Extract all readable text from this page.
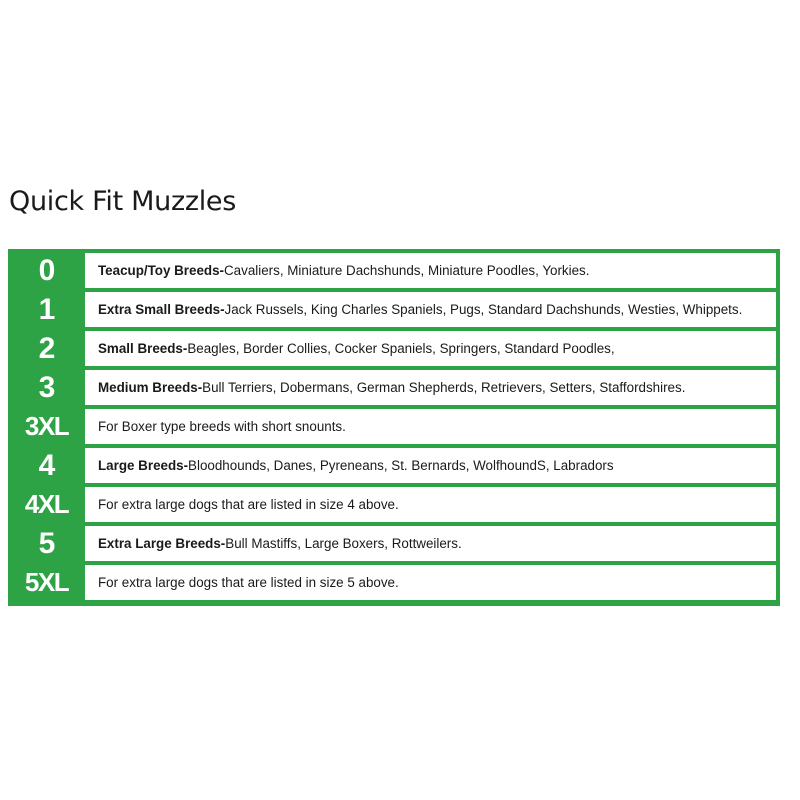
Quick Fit Muzzles
0	Teacup/Toy Breeds- Cavaliers, Miniature Dachshunds, Miniature Poodles, Yorkies.
1	Extra Small Breeds- Jack Russels, King Charles Spaniels, Pugs, Standard Dachshunds, Westies, Whippets.
2	Small Breeds- Beagles, Border Collies, Cocker Spaniels, Springers, Standard Poodles,
3	Medium Breeds- Bull Terriers, Dobermans, German Shepherds, Retrievers, Setters, Staffordshires.
3XL	For Boxer type breeds with short snounts.
4	Large Breeds- Bloodhounds, Danes, Pyreneans, St. Bernards, WolfhoundS, Labradors
4XL	For extra large dogs that are listed in size 4 above.
5	Extra Large Breeds- Bull Mastiffs, Large Boxers, Rottweilers.
5XL	For extra large dogs that are listed in size 5 above.
